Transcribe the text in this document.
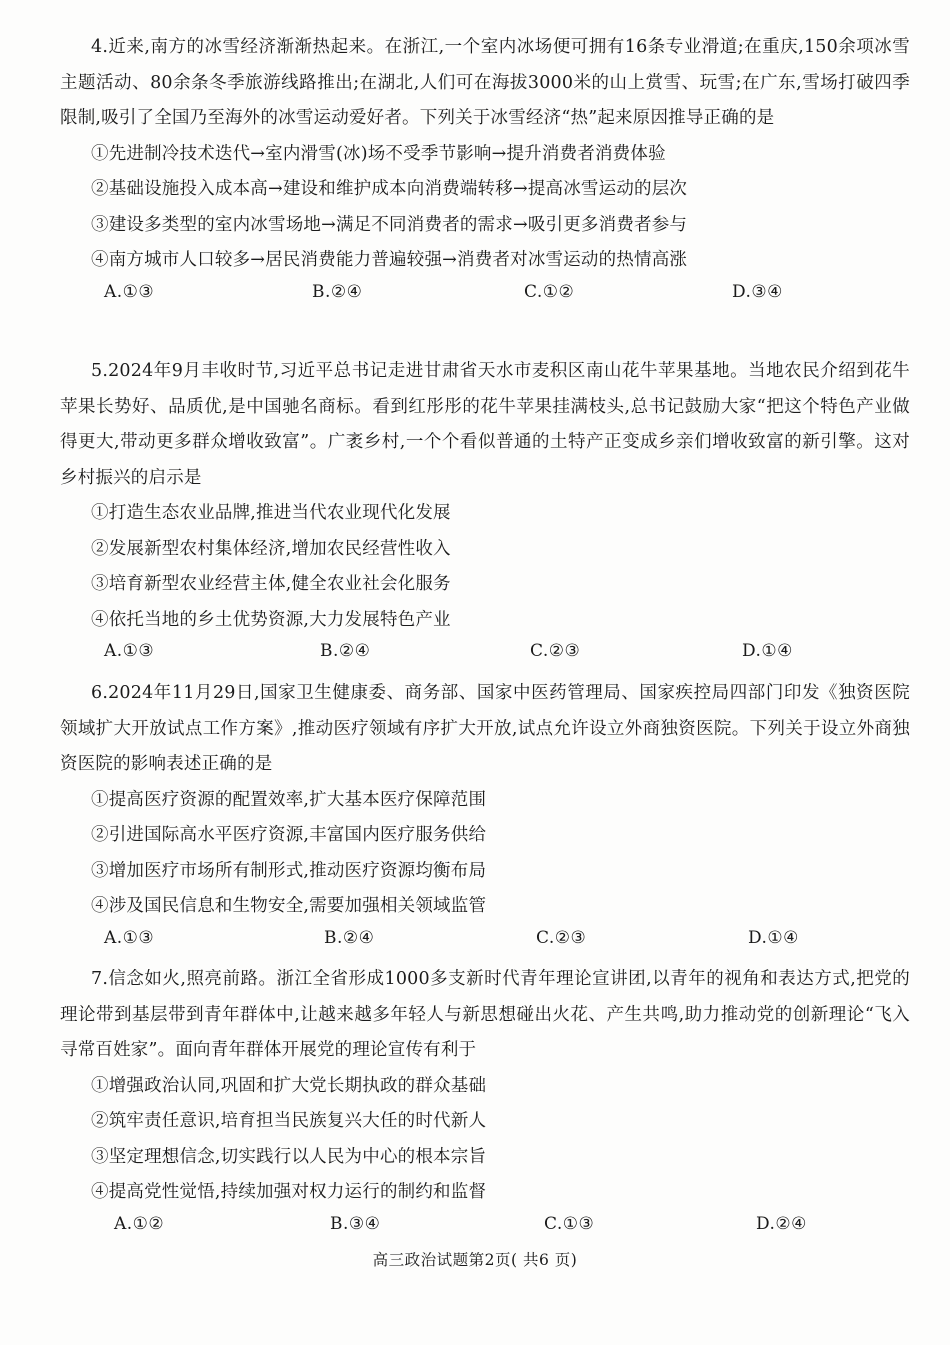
4.近来,南方的冰雪经济渐渐热起来。在浙江,一个室内冰场便可拥有16条专业滑道;在重庆,150余项冰雪主题活动、80余条冬季旅游线路推出;在湖北,人们可在海拔3000米的山上赏雪、玩雪;在广东,雪场打破四季限制,吸引了全国乃至海外的冰雪运动爱好者。下列关于冰雪经济“热”起来原因推导正确的是
①先进制冷技术迭代→室内滑雪(冰)场不受季节影响→提升消费者消费体验
②基础设施投入成本高→建设和维护成本向消费端转移→提高冰雪运动的层次
③建设多类型的室内冰雪场地→满足不同消费者的需求→吸引更多消费者参与
④南方城市人口较多→居民消费能力普遍较强→消费者对冰雪运动的热情高涨
A.①③	B.②④	C.①②	D.③④
5.2024年9月丰收时节,习近平总书记走进甘肃省天水市麦积区南山花牛苹果基地。当地农民介绍到花牛苹果长势好、品质优,是中国驰名商标。看到红彤彤的花牛苹果挂满枝头,总书记鼓励大家“把这个特色产业做得更大,带动更多群众增收致富”。广袤乡村,一个个看似普通的土特产正变成乡亲们增收致富的新引擎。这对乡村振兴的启示是
①打造生态农业品牌,推进当代农业现代化发展
②发展新型农村集体经济,增加农民经营性收入
③培育新型农业经营主体,健全农业社会化服务
④依托当地的乡土优势资源,大力发展特色产业
A.①③	B.②④	C.②③	D.①④
6.2024年11月29日,国家卫生健康委、商务部、国家中医药管理局、国家疾控局四部门印发《独资医院领域扩大开放试点工作方案》,推动医疗领域有序扩大开放,试点允许设立外商独资医院。下列关于设立外商独资医院的影响表述正确的是
①提高医疗资源的配置效率,扩大基本医疗保障范围
②引进国际高水平医疗资源,丰富国内医疗服务供给
③增加医疗市场所有制形式,推动医疗资源均衡布局
④涉及国民信息和生物安全,需要加强相关领域监管
A.①③	B.②④	C.②③	D.①④
7.信念如火,照亮前路。浙江全省形成1000多支新时代青年理论宣讲团,以青年的视角和表达方式,把党的理论带到基层带到青年群体中,让越来越多年轻人与新思想碰出火花、产生共鸣,助力推动党的创新理论“飞入寻常百姓家”。面向青年群体开展党的理论宣传有利于
①增强政治认同,巩固和扩大党长期执政的群众基础
②筑牢责任意识,培育担当民族复兴大任的时代新人
③坚定理想信念,切实践行以人民为中心的根本宗旨
④提高党性觉悟,持续加强对权力运行的制约和监督
A.①②	B.③④	C.①③	D.②④
高三政治试题第2页( 共6 页)
